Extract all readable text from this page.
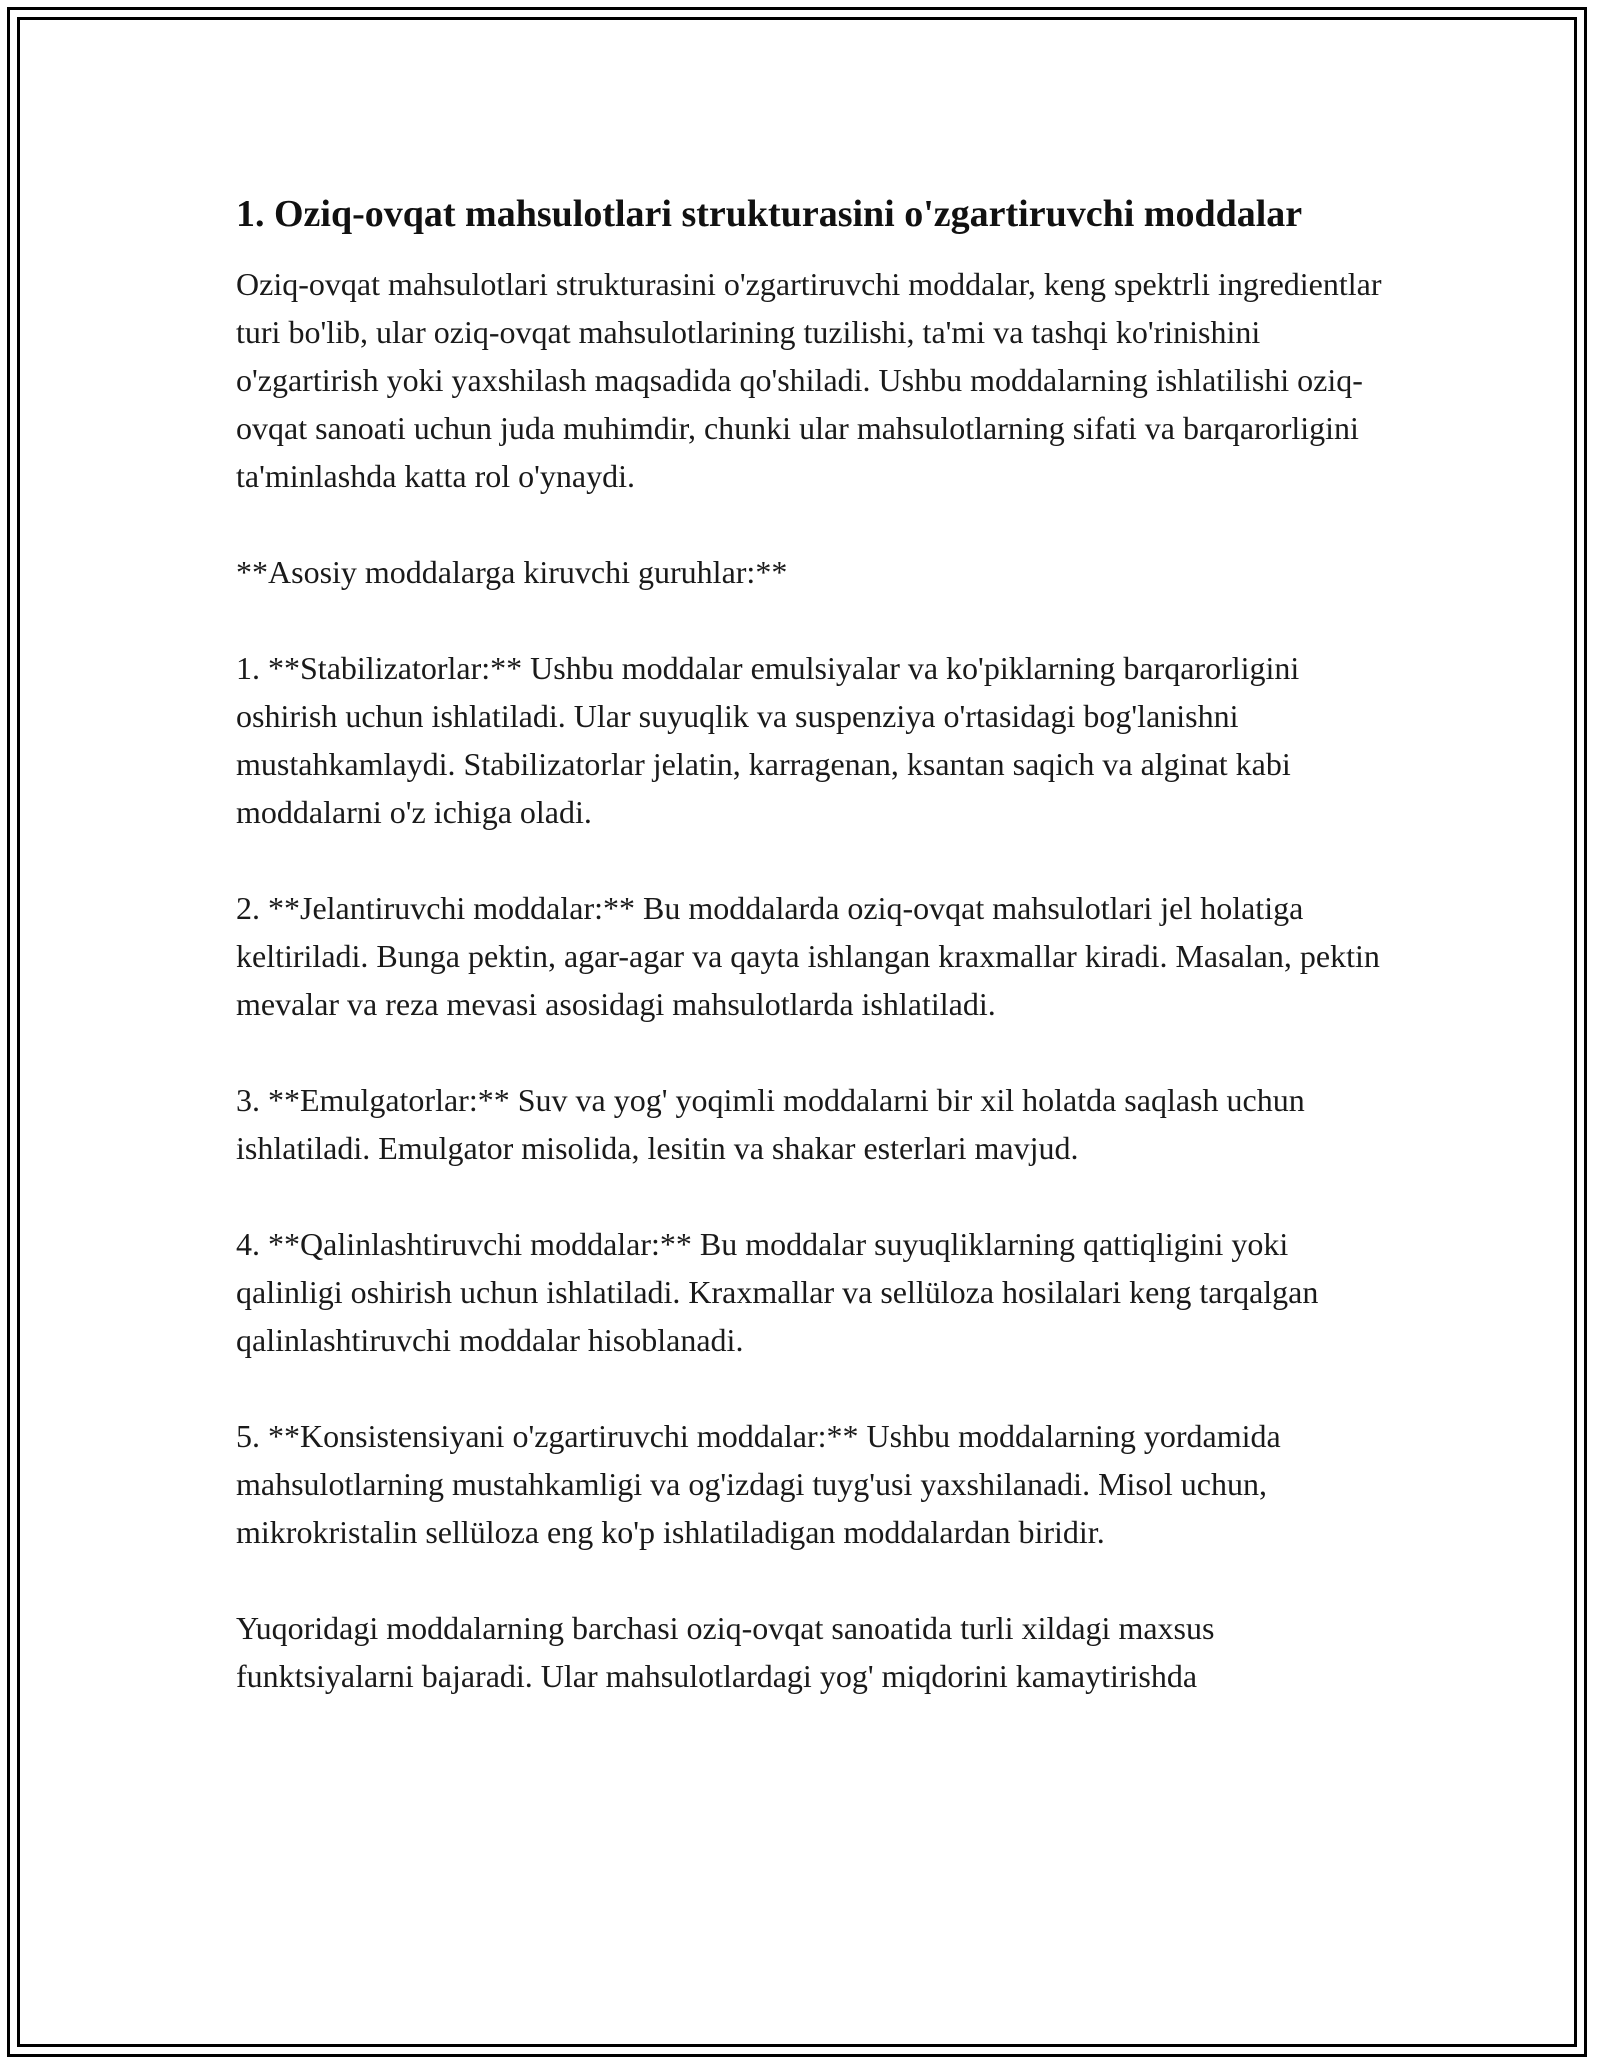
1. Oziq-ovqat mahsulotlari strukturasini o'zgartiruvchi moddalar

Oziq-ovqat mahsulotlari strukturasini o'zgartiruvchi moddalar, keng spektrli ingredientlar turi bo'lib, ular oziq-ovqat mahsulotlarining tuzilishi, ta'mi va tashqi ko'rinishini o'zgartirish yoki yaxshilash maqsadida qo'shiladi. Ushbu moddalarning ishlatilishi oziq-ovqat sanoati uchun juda muhimdir, chunki ular mahsulotlarning sifati va barqarorligini ta'minlashda katta rol o'ynaydi.

**Asosiy moddalarga kiruvchi guruhlar:**

1. **Stabilizatorlar:** Ushbu moddalar emulsiyalar va ko'piklarning barqarorligini oshirish uchun ishlatiladi. Ular suyuqlik va suspenziya o'rtasidagi bog'lanishni mustahkamlaydi. Stabilizatorlar jelatin, karragenan, ksantan saqich va alginat kabi moddalarni o'z ichiga oladi.

2. **Jelantiruvchi moddalar:** Bu moddalarda oziq-ovqat mahsulotlari jel holatiga keltiriladi. Bunga pektin, agar-agar va qayta ishlangan kraxmallar kiradi. Masalan, pektin mevalar va reza mevasi asosidagi mahsulotlarda ishlatiladi.

3. **Emulgatorlar:** Suv va yog' yoqimli moddalarni bir xil holatda saqlash uchun ishlatiladi. Emulgator misolida, lesitin va shakar esterlari mavjud.

4. **Qalinlashtiruvchi moddalar:** Bu moddalar suyuqliklarning qattiqligini yoki qalinligi oshirish uchun ishlatiladi. Kraxmallar va sellüloza hosilalari keng tarqalgan qalinlashtiruvchi moddalar hisoblanadi.

5. **Konsistensiyani o'zgartiruvchi moddalar:** Ushbu moddalarning yordamida mahsulotlarning mustahkamligi va og'izdagi tuyg'usi yaxshilanadi. Misol uchun, mikrokristalin sellüloza eng ko'p ishlatiladigan moddalardan biridir.

Yuqoridagi moddalarning barchasi oziq-ovqat sanoatida turli xildagi maxsus funktsiyalarni bajaradi. Ular mahsulotlardagi yog' miqdorini kamaytirishda
